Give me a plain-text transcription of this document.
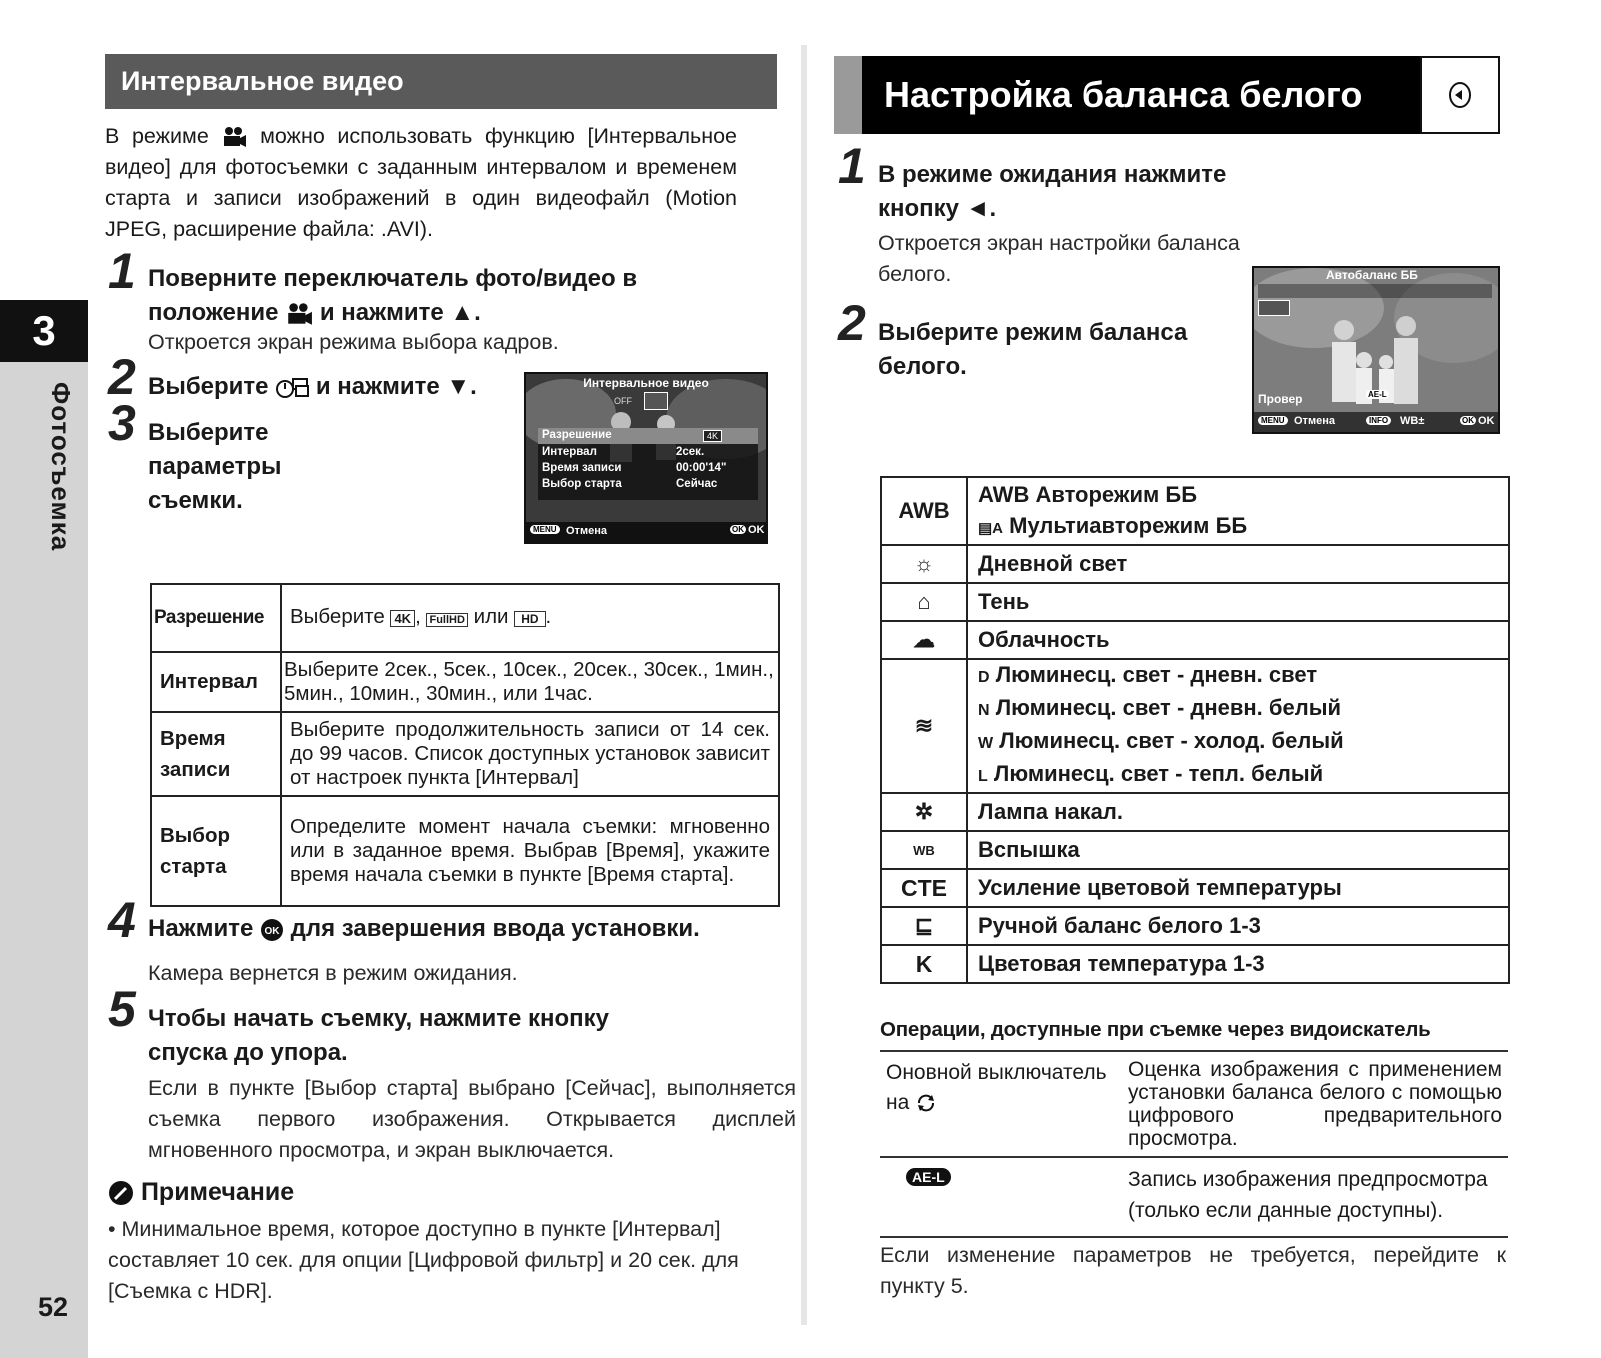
3
Фотосъемка
52
Интервальное видео
В режиме можно использовать функцию [Интервальное видео] для фотосъемки с заданным интервалом и временем старта и записи изображений в один видеофайл (Motion JPEG, расширение файла: .AVI).
1 Поверните переключатель фото/видео в
положение и нажмите ▲.
Откроется экран режима выбора кадров.
2 Выберите и нажмите ▼.
3 Выберите
параметры
съемки.
Интервальное видео
OFF
Разрешение	4K
Интервал	2сек.
Время записи	00:00'14"
Выбор старта	Сейчас
MENU Отмена	OK OK
Разрешение	Выберите 4K , FullHD или HD .
Интервал	Выберите 2сек., 5сек., 10сек., 20сек., 30сек., 1мин., 5мин., 10мин., 30мин., или 1час.
Время записи	Выберите продолжительность записи от 14 сек. до 99 часов. Список доступных установок зависит от настроек пункта [Интервал]
Выбор старта	Определите момент начала съемки: мгновенно или в заданное время. Выбрав [Время], укажите время начала съемки в пункте [Время старта].
4 Нажмите OK для завершения ввода установки.
Камера вернется в режим ожидания.
5 Чтобы начать съемку, нажмите кнопку
спуска до упора.
Если в пункте [Выбор старта] выбрано [Сейчас], выполняется съемка первого изображения. Открывается дисплей мгновенного просмотра, и экран выключается.
Примечание
• Минимальное время, которое доступно в пункте [Интервал] составляет 10 сек. для опции [Цифровой фильтр] и 20 сек. для [Съемка с HDR].
Настройка баланса белого
1 В режиме ожидания нажмите
кнопку ◄.
Откроется экран настройки баланса белого.
2 Выберите режим баланса
белого.
Автобаланс ББ
Провер	AE-L
MENU Отмена	INFO WB±	OK OK
AWB	AWB Авторежим ББ
▤A Мультиавторежим ББ

☼	Дневной свет
⌂	Тень
☁	Облачность
≋	D Люминесц. свет - дневн. свет
N Люминесц. свет - дневн. белый
W Люминесц. свет - холод. белый
L Люминесц. свет - тепл. белый

✲	Лампа накал.
WB	Вспышка
CTE	Усиление цветовой температуры
⊑	Ручной баланс белого 1-3
K	Цветовая температура 1-3
Операции, доступные при съемке через видоискатель
Оновной выключатель на	Оценка изображения с применением установки баланса белого с помощью цифрового предварительного просмотра.
AE-L	Запись изображения предпросмотра (только если данные доступны).
Если изменение параметров не требуется, перейдите к пункту 5.
